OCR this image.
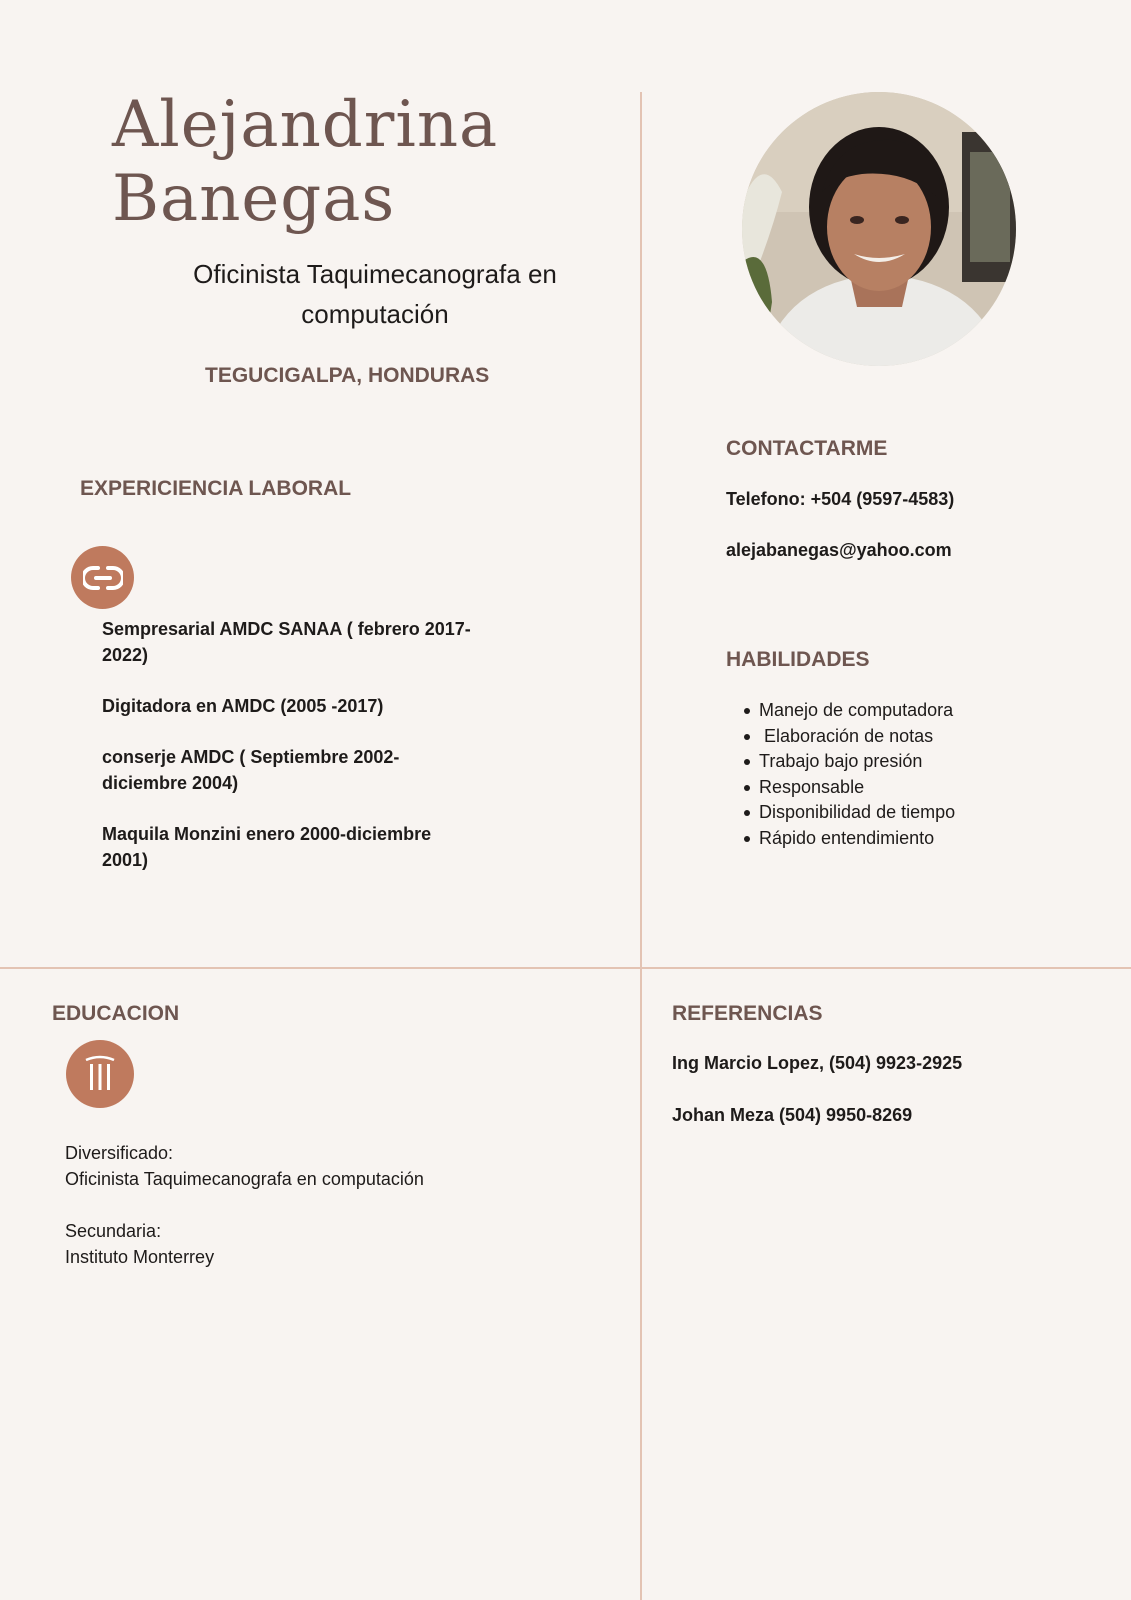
Alejandrina
Banegas
Oficinista Taquimecanografa en
computación
TEGUCIGALPA, HONDURAS
EXPERICIENCIA LABORAL
Sempresarial AMDC SANAA ( febrero 2017-
2022)
Digitadora en AMDC (2005 -2017)
conserje AMDC ( Septiembre 2002-
diciembre 2004)
Maquila Monzini enero 2000-diciembre
2001)
CONTACTARME
Telefono: +504 (9597-4583)
alejabanegas@yahoo.com
HABILIDADES
Manejo de computadora
Elaboración de notas
Trabajo bajo presión
Responsable
Disponibilidad de tiempo
Rápido entendimiento
EDUCACION
Diversificado:
Oficinista Taquimecanografa en computación
Secundaria:
Instituto Monterrey
REFERENCIAS
Ing Marcio Lopez, (504) 9923-2925
Johan Meza (504) 9950-8269
